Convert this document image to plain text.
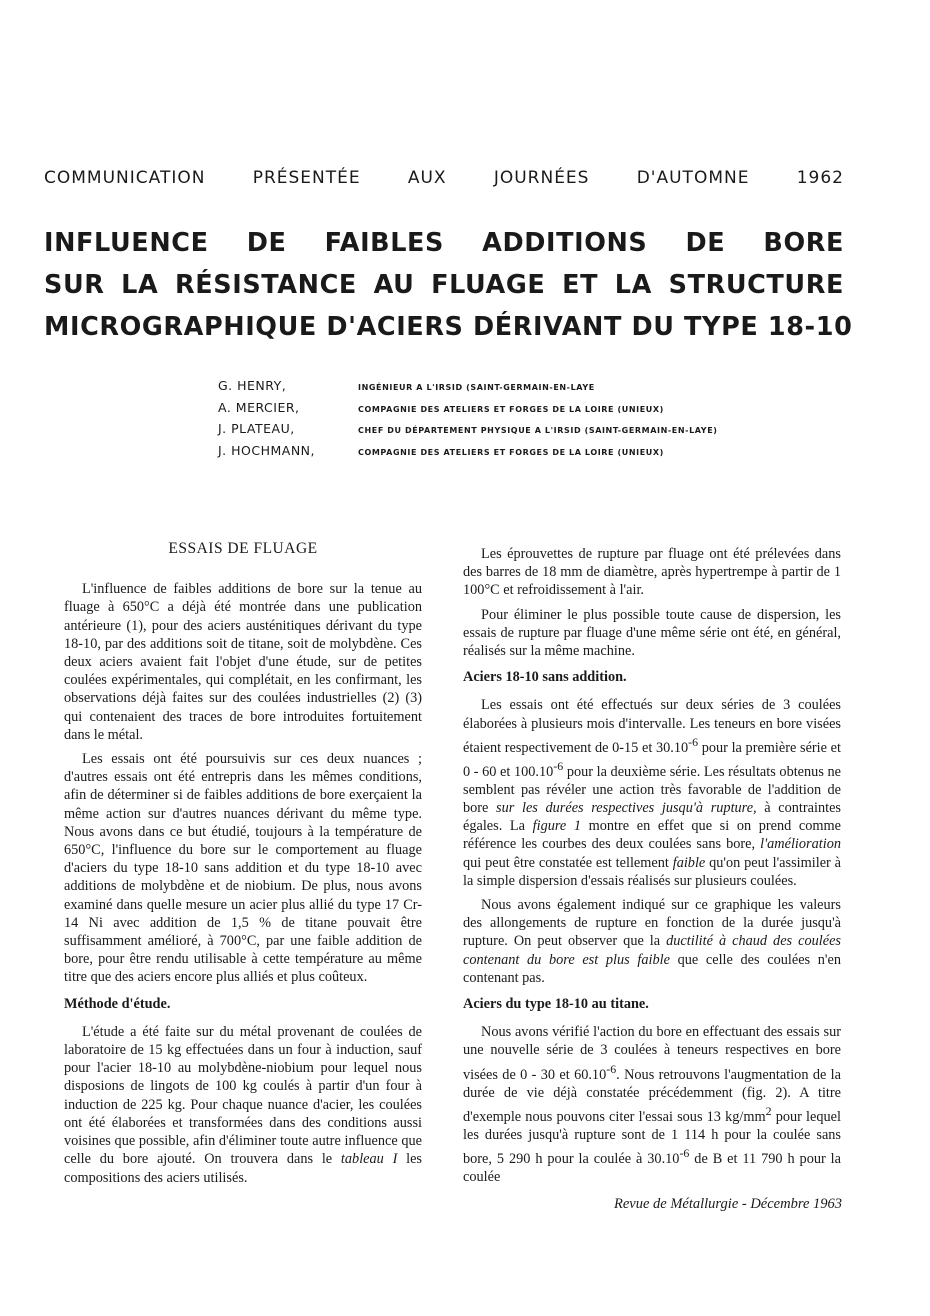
COMMUNICATION	PRÉSENTÉE	AUX	JOURNÉES	D'AUTOMNE	1962
INFLUENCE DE FAIBLES ADDITIONS DE BORE
SUR LA RÉSISTANCE AU FLUAGE ET LA STRUCTURE
MICROGRAPHIQUE D'ACIERS DÉRIVANT DU TYPE 18-10
G. HENRY,	INGÉNIEUR A L'IRSID (SAINT-GERMAIN-EN-LAYE
A. MERCIER,	COMPAGNIE DES ATELIERS ET FORGES DE LA LOIRE (UNIEUX)
J. PLATEAU,	CHEF DU DÉPARTEMENT PHYSIQUE A L'IRSID (SAINT-GERMAIN-EN-LAYE)
J. HOCHMANN,	COMPAGNIE DES ATELIERS ET FORGES DE LA LOIRE (UNIEUX)
ESSAIS DE FLUAGE

L'influence de faibles additions de bore sur la tenue au fluage à 650°C a déjà été montrée dans une publication antérieure (1), pour des aciers austénitiques dérivant du type 18-10, par des additions soit de titane, soit de molybdène. Ces deux aciers avaient fait l'objet d'une étude, sur de petites coulées expérimentales, qui complétait, en les confirmant, les observations déjà faites sur des coulées industrielles (2) (3) qui contenaient des traces de bore introduites fortuitement dans le métal.

Les essais ont été poursuivis sur ces deux nuances ; d'autres essais ont été entrepris dans les mêmes conditions, afin de déterminer si de faibles additions de bore exerçaient la même action sur d'autres nuances dérivant du même type. Nous avons dans ce but étudié, toujours à la température de 650°C, l'influence du bore sur le comportement au fluage d'aciers du type 18-10 sans addition et du type 18-10 avec additions de molybdène et de niobium. De plus, nous avons examiné dans quelle mesure un acier plus allié du type 17 Cr-14 Ni avec addition de 1,5 % de titane pouvait être suffisamment amélioré, à 700°C, par une faible addition de bore, pour être rendu utilisable à cette température au même titre que des aciers encore plus alliés et plus coûteux.

Méthode d'étude.

L'étude a été faite sur du métal provenant de coulées de laboratoire de 15 kg effectuées dans un four à induction, sauf pour l'acier 18-10 au molybdène-niobium pour lequel nous disposions de lingots de 100 kg coulés à partir d'un four à induction de 225 kg. Pour chaque nuance d'acier, les coulées ont été élaborées et transformées dans des conditions aussi voisines que possible, afin d'éliminer toute autre influence que celle du bore ajouté. On trouvera dans le tableau I les compositions des aciers utilisés.

Les éprouvettes de rupture par fluage ont été prélevées dans des barres de 18 mm de diamètre, après hypertrempe à partir de 1 100°C et refroidissement à l'air.

Pour éliminer le plus possible toute cause de dispersion, les essais de rupture par fluage d'une même série ont été, en général, réalisés sur la même machine.

Aciers 18-10 sans addition.

Les essais ont été effectués sur deux séries de 3 coulées élaborées à plusieurs mois d'intervalle. Les teneurs en bore visées étaient respectivement de 0-15 et $30.10^{-6}$ pour la première série et 0 - 60 et $100.10^{-6}$ pour la deuxième série. Les résultats obtenus ne semblent pas révéler une action très favorable de l'addition de bore sur les durées respectives jusqu'à rupture, à contraintes égales. La figure 1 montre en effet que si on prend comme référence les courbes des deux coulées sans bore, l'amélioration qui peut être constatée est tellement faible qu'on peut l'assimiler à la simple dispersion d'essais réalisés sur plusieurs coulées.

Nous avons également indiqué sur ce graphique les valeurs des allongements de rupture en fonction de la durée jusqu'à rupture. On peut observer que la ductilité à chaud des coulées contenant du bore est plus faible que celle des coulées n'en contenant pas.

Aciers du type 18-10 au titane.

Nous avons vérifié l'action du bore en effectuant des essais sur une nouvelle série de 3 coulées à teneurs respectives en bore visées de 0 - 30 et $60.10^{-6}$. Nous retrouvons l'augmentation de la durée de vie déjà constatée précédemment (fig. 2). A titre d'exemple nous pouvons citer l'essai sous 13 $kg/mm^2$ pour lequel les durées jusqu'à rupture sont de 1 114 h pour la coulée sans bore, 5 290 h pour la coulée à $30.10^{-6}$ de B et 11 790 h pour la coulée

Revue de Métallurgie - Décembre 1963
